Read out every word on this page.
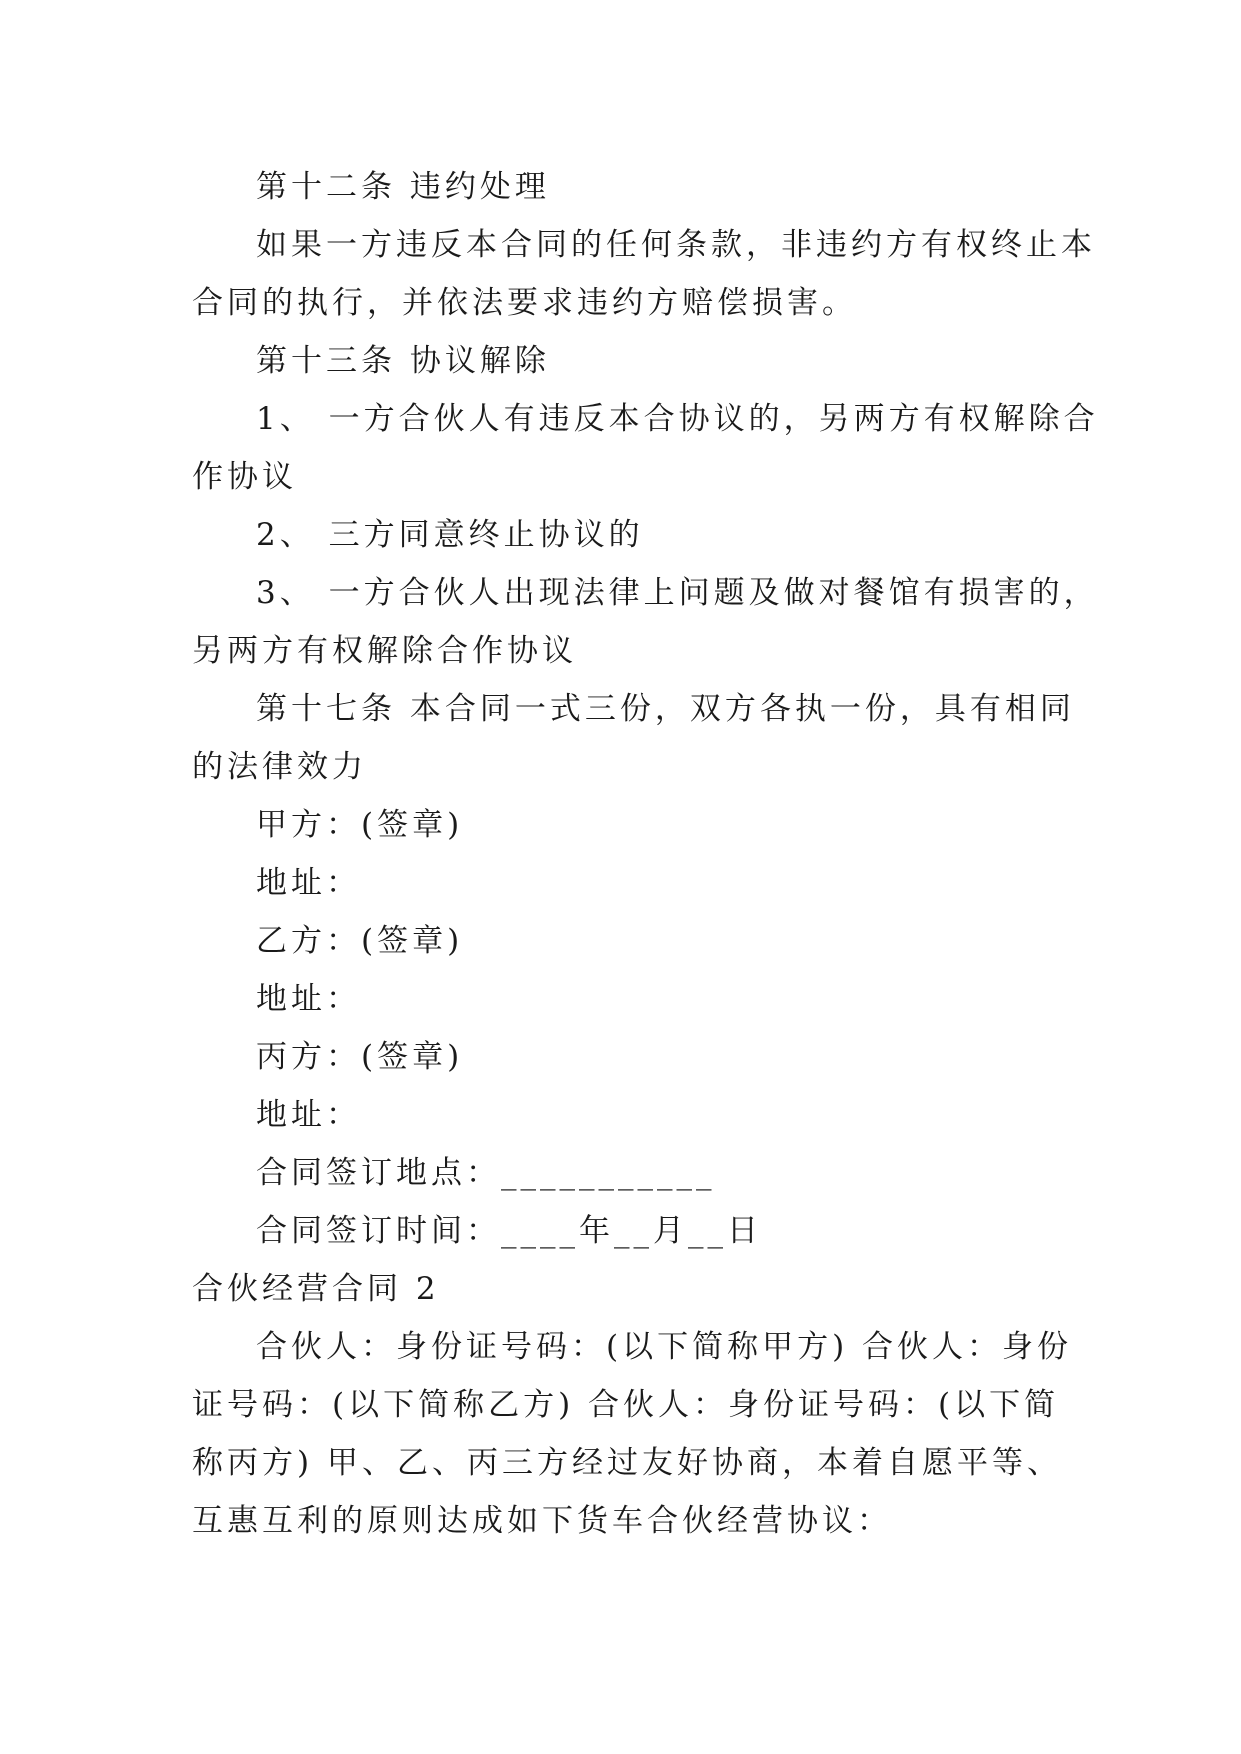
第十二条 违约处理
如果一方违反本合同的任何条款，非违约方有权终止本
合同的执行，并依法要求违约方赔偿损害。
第十三条 协议解除
1、 一方合伙人有违反本合协议的，另两方有权解除合
作协议
2、 三方同意终止协议的
3、 一方合伙人出现法律上问题及做对餐馆有损害的，
另两方有权解除合作协议
第十七条 本合同一式三份，双方各执一份，具有相同
的法律效力
甲方：(签章)
地址：
乙方：(签章)
地址：
丙方：(签章)
地址：
合同签订地点：___________
合同签订时间：____年__月__日
合伙经营合同 2
合伙人：身份证号码：(以下简称甲方) 合伙人：身份
证号码：(以下简称乙方) 合伙人：身份证号码：(以下简
称丙方) 甲、乙、丙三方经过友好协商，本着自愿平等、
互惠互利的原则达成如下货车合伙经营协议：
